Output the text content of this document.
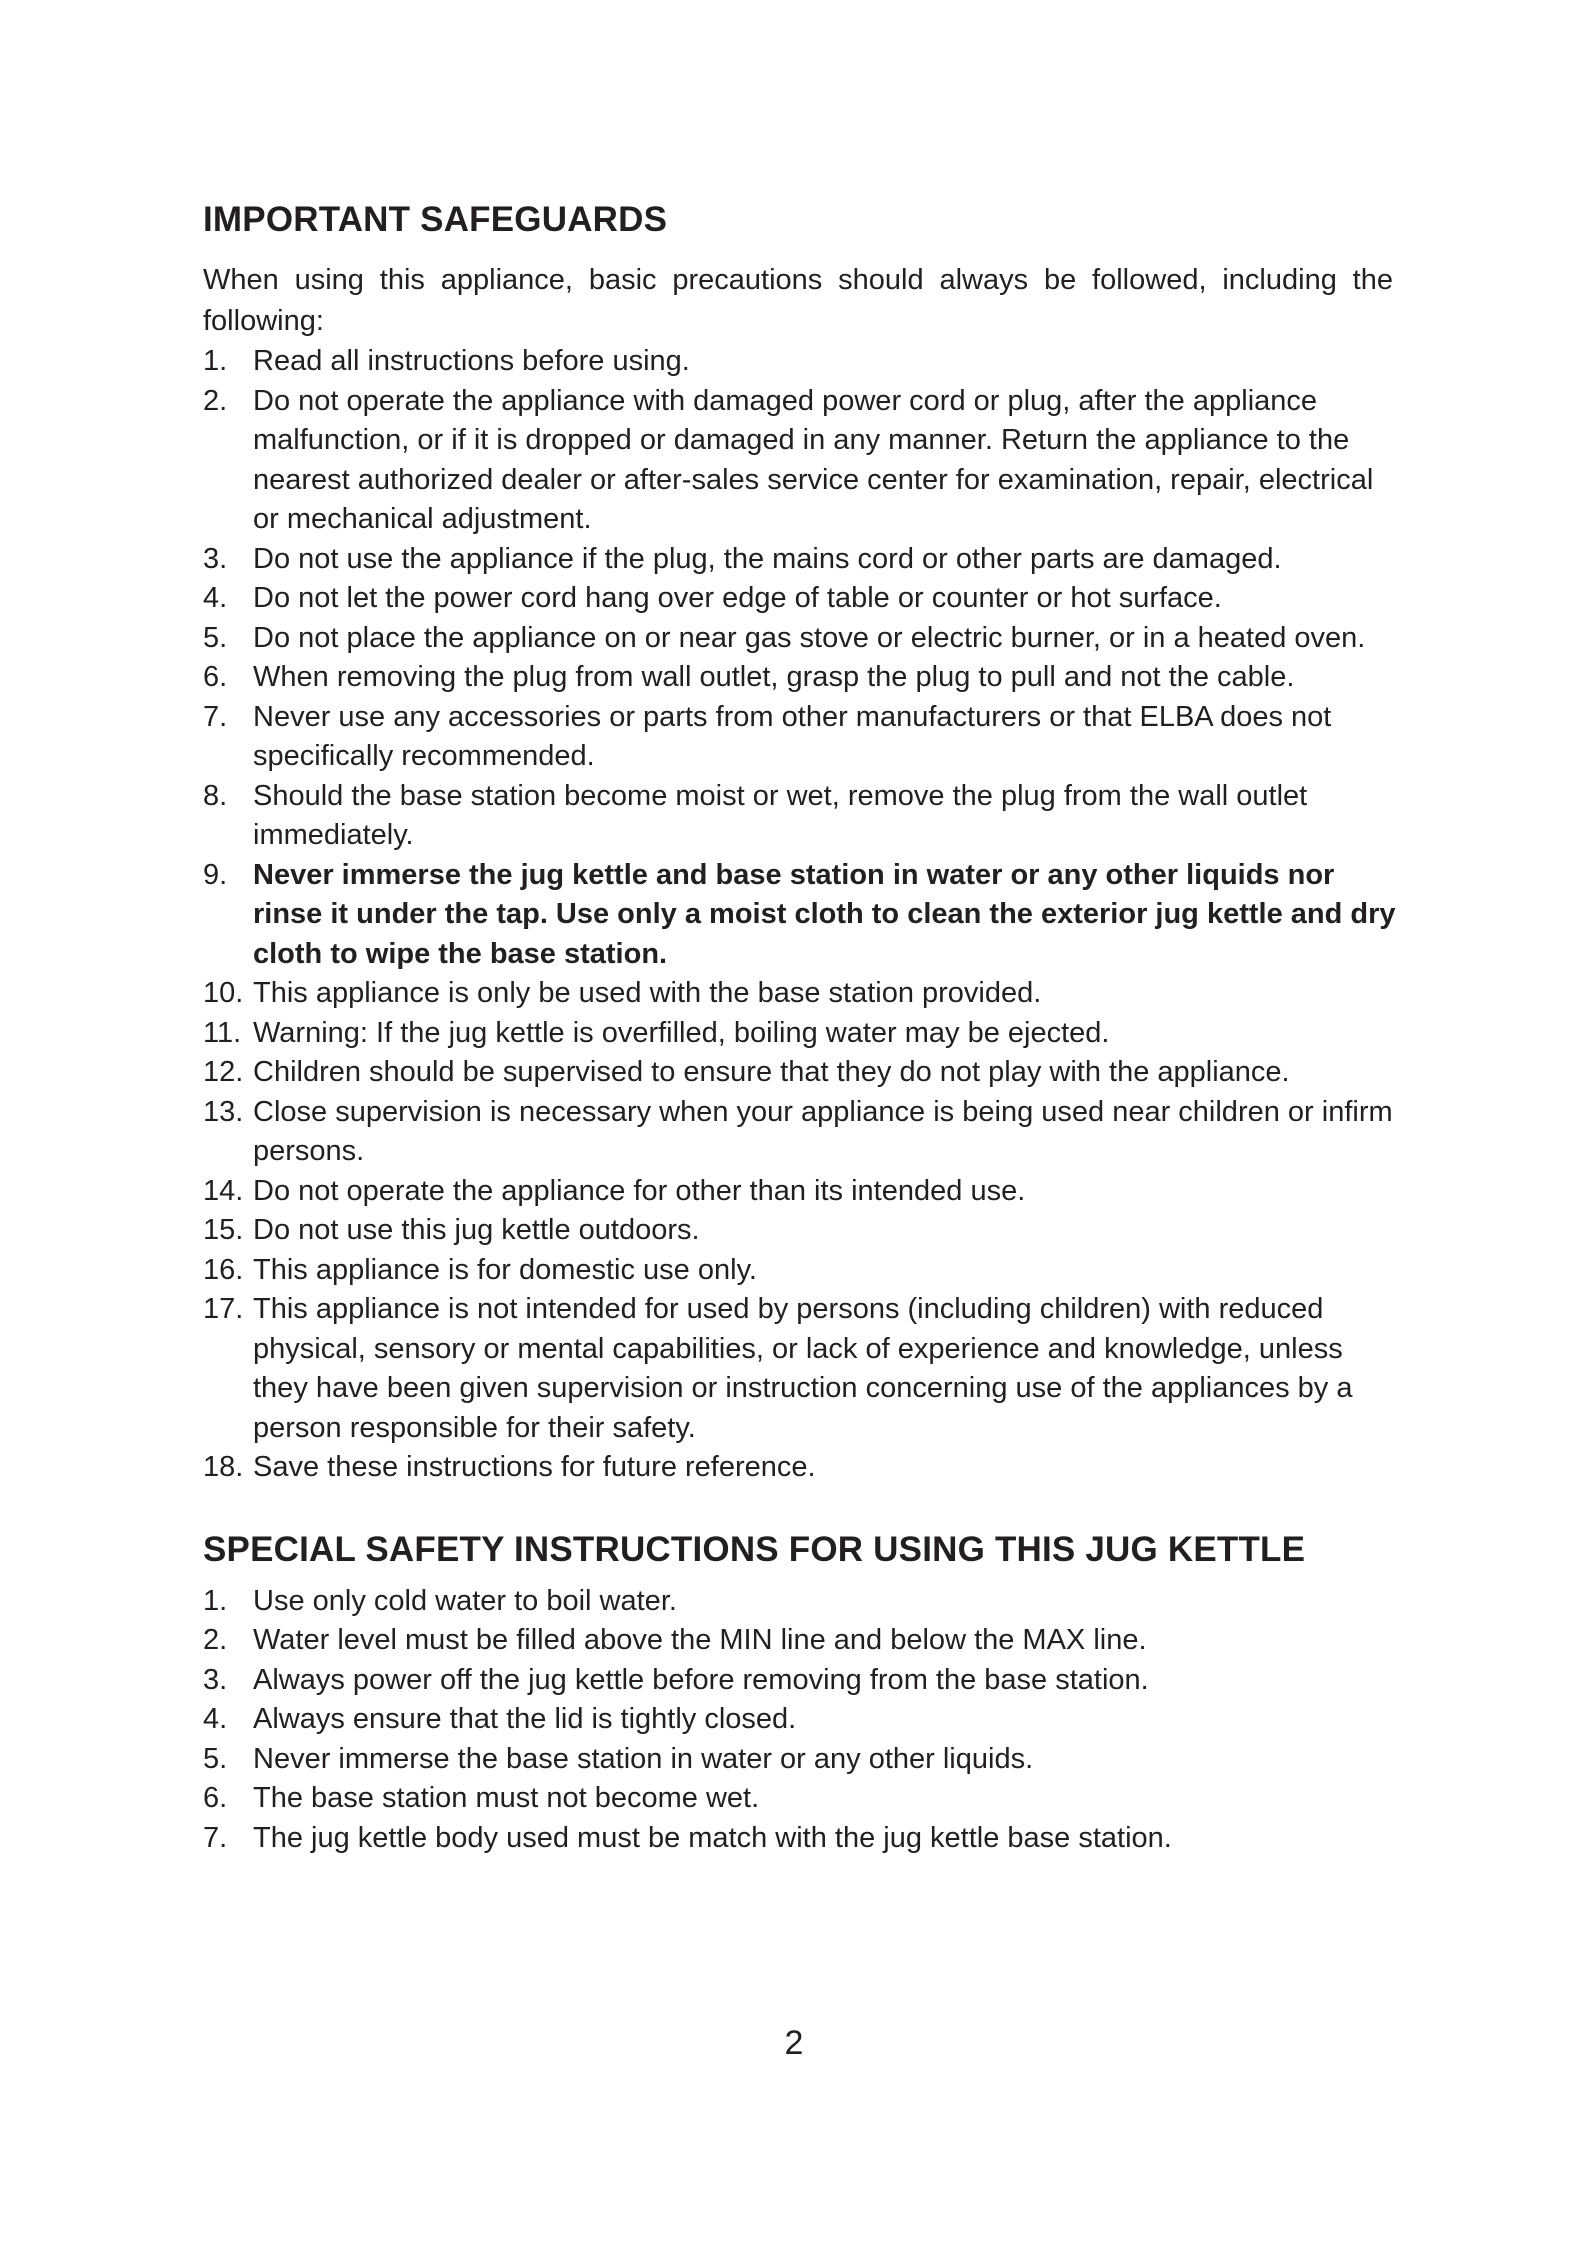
IMPORTANT SAFEGUARDS

When using this appliance, basic precautions should always be followed, including the following:

1. Read all instructions before using.
2. Do not operate the appliance with damaged power cord or plug, after the appliance malfunction, or if it is dropped or damaged in any manner. Return the appliance to the nearest authorized dealer or after-sales service center for examination, repair, electrical or mechanical adjustment.
3. Do not use the appliance if the plug, the mains cord or other parts are damaged.
4. Do not let the power cord hang over edge of table or counter or hot surface.
5. Do not place the appliance on or near gas stove or electric burner, or in a heated oven.
6. When removing the plug from wall outlet, grasp the plug to pull and not the cable.
7. Never use any accessories or parts from other manufacturers or that ELBA does not specifically recommended.
8. Should the base station become moist or wet, remove the plug from the wall outlet immediately.
9. Never immerse the jug kettle and base station in water or any other liquids nor rinse it under the tap. Use only a moist cloth to clean the exterior jug kettle and dry cloth to wipe the base station.
10. This appliance is only be used with the base station provided.
11. Warning: If the jug kettle is overfilled, boiling water may be ejected.
12. Children should be supervised to ensure that they do not play with the appliance.
13. Close supervision is necessary when your appliance is being used near children or infirm persons.
14. Do not operate the appliance for other than its intended use.
15. Do not use this jug kettle outdoors.
16. This appliance is for domestic use only.
17. This appliance is not intended for used by persons (including children) with reduced physical, sensory or mental capabilities, or lack of experience and knowledge, unless they have been given supervision or instruction concerning use of the appliances by a person responsible for their safety.
18. Save these instructions for future reference.
SPECIAL SAFETY INSTRUCTIONS FOR USING THIS JUG KETTLE
1. Use only cold water to boil water.
2. Water level must be filled above the MIN line and below the MAX line.
3. Always power off the jug kettle before removing from the base station.
4. Always ensure that the lid is tightly closed.
5. Never immerse the base station in water or any other liquids.
6. The base station must not become wet.
7. The jug kettle body used must be match with the jug kettle base station.
2
